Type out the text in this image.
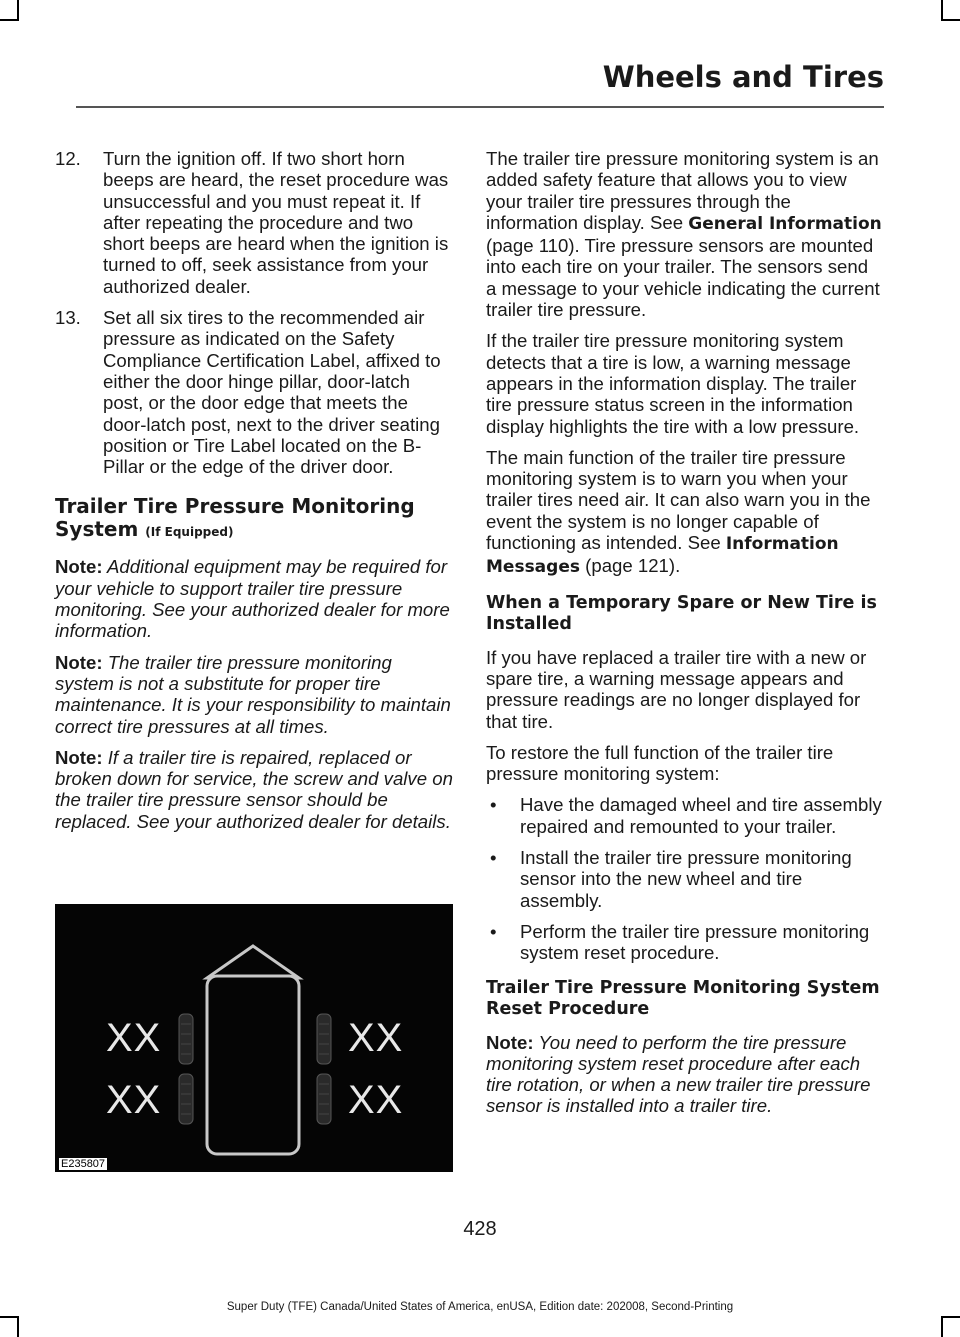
Wheels and Tires
12. Turn the ignition off. If two short horn beeps are heard, the reset procedure was unsuccessful and you must repeat it. If after repeating the procedure and two short beeps are heard when the ignition is turned to off, seek assistance from your authorized dealer.
13. Set all six tires to the recommended air pressure as indicated on the Safety Compliance Certification Label, affixed to either the door hinge pillar, door-latch post, or the door edge that meets the door-latch post, next to the driver seating position or Tire Label located on the B-Pillar or the edge of the driver door.
Trailer Tire Pressure Monitoring System (If Equipped)

Note: Additional equipment may be required for your vehicle to support trailer tire pressure monitoring. See your authorized dealer for more information.

Note: The trailer tire pressure monitoring system is not a substitute for proper tire maintenance. It is your responsibility to maintain correct tire pressures at all times.

Note: If a trailer tire is repaired, replaced or broken down for service, the screw and valve on the trailer tire pressure sensor should be replaced. See your authorized dealer for details.

XX
XX
XX
XX
E235807

The trailer tire pressure monitoring system is an added safety feature that allows you to view your trailer tire pressures through the information display. See General Information (page 110). Tire pressure sensors are mounted into each tire on your trailer. The sensors send a message to your vehicle indicating the current trailer tire pressure.

If the trailer tire pressure monitoring system detects that a tire is low, a warning message appears in the information display. The trailer tire pressure status screen in the information display highlights the tire with a low pressure.

The main function of the trailer tire pressure monitoring system is to warn you when your trailer tires need air. It can also warn you in the event the system is no longer capable of functioning as intended. See Information Messages (page 121).

When a Temporary Spare or New Tire is Installed

If you have replaced a trailer tire with a new or spare tire, a warning message appears and pressure readings are no longer displayed for that tire.

To restore the full function of the trailer tire pressure monitoring system:

• Have the damaged wheel and tire assembly repaired and remounted to your trailer.
• Install the trailer tire pressure monitoring sensor into the new wheel and tire assembly.
• Perform the trailer tire pressure monitoring system reset procedure.
Trailer Tire Pressure Monitoring System Reset Procedure

Note: You need to perform the tire pressure monitoring system reset procedure after each tire rotation, or when a new trailer tire pressure sensor is installed into a trailer tire.

428
Super Duty (TFE) Canada/United States of America, enUSA, Edition date: 202008, Second-Printing
